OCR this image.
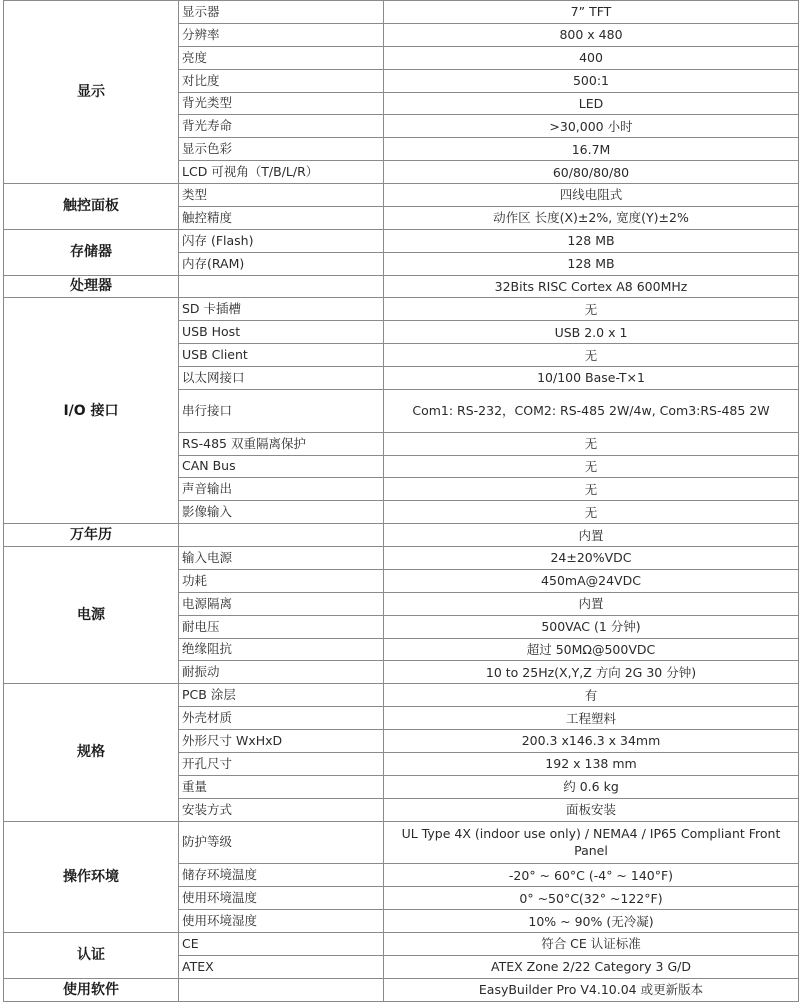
显示	显示器	7” TFT
	分辨率	800 x 480
	亮度	400
	对比度	500:1
	背光类型	LED
	背光寿命	>30,000 小时
	显示色彩	16.7M
	LCD 可视角（T/B/L/R）	60/80/80/80
触控面板	类型	四线电阻式
	触控精度	动作区 长度(X)±2%, 宽度(Y)±2%
存储器	闪存 (Flash)	128 MB
	内存(RAM)	128 MB
处理器		32Bits RISC Cortex A8 600MHz
I/O 接口	SD 卡插槽	无
	USB Host	USB 2.0 x 1
	USB Client	无
	以太网接口	10/100 Base-T×1
	串行接口	Com1: RS-232，COM2: RS-485 2W/4w, Com3:RS-485 2W
	RS-485 双重隔离保护	无
	CAN Bus	无
	声音输出	无
	影像输入	无
万年历		内置
电源	输入电源	24±20%VDC
	功耗	450mA@24VDC
	电源隔离	内置
	耐电压	500VAC (1 分钟)
	绝缘阻抗	超过 50MΩ@500VDC
	耐振动	10 to 25Hz(X,Y,Z 方向 2G 30 分钟)
规格	PCB 涂层	有
	外壳材质	工程塑料
	外形尺寸 WxHxD	200.3 x146.3 x 34mm
	开孔尺寸	192 x 138 mm
	重量	约 0.6 kg
	安装方式	面板安装
操作环境	防护等级	UL Type 4X (indoor use only) / NEMA4 / IP65 Compliant Front Panel
	储存环境温度	-20° ~ 60°C (-4° ~ 140°F)
	使用环境温度	0° ~50°C(32° ~122°F)
	使用环境湿度	10% ~ 90% (无冷凝)
认证	CE	符合 CE 认证标准
	ATEX	ATEX Zone 2/22 Category 3 G/D
使用软件		EasyBuilder Pro V4.10.04 或更新版本
